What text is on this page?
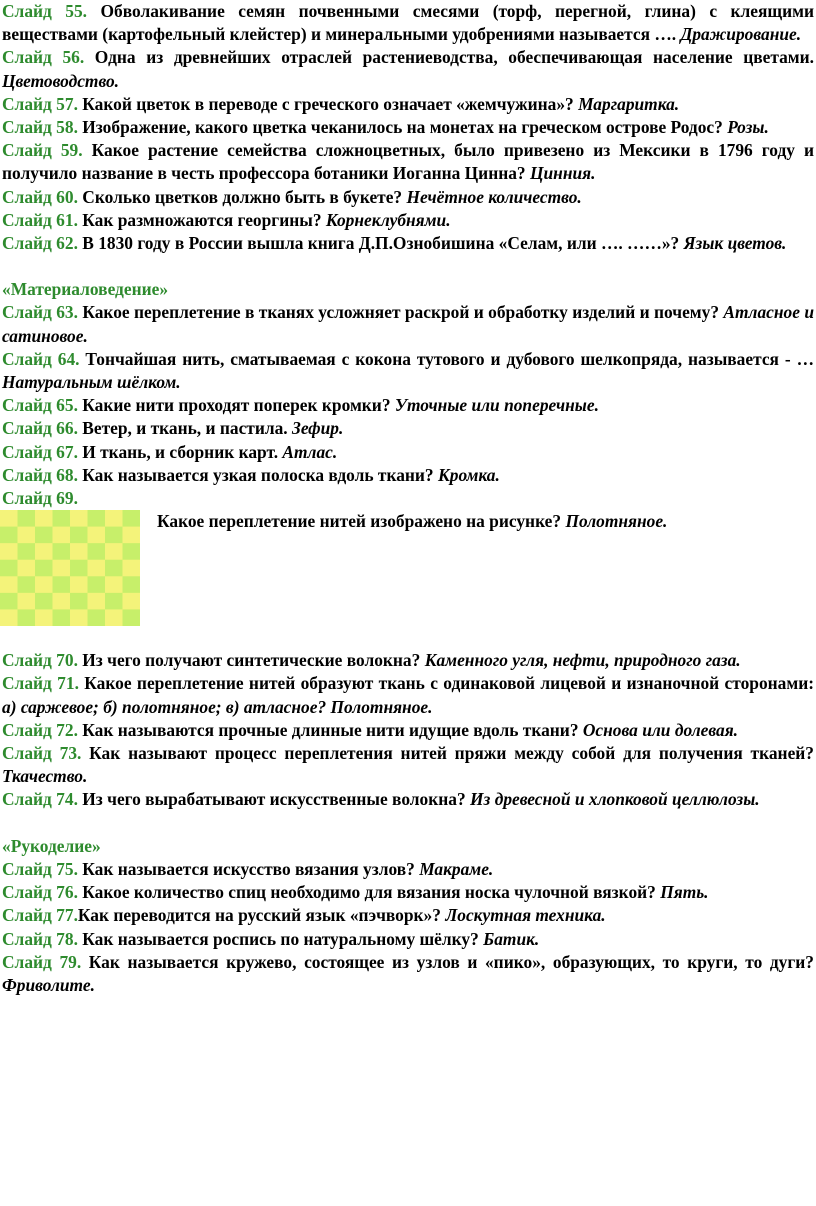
Слайд 55. Обволакивание семян почвенными смесями (торф, перегной, глина) с клеящими веществами (картофельный клейстер) и минеральными удобрениями называется …. Дражирование.

Слайд 56. Одна из древнейших отраслей растениеводства, обеспечивающая население цветами. Цветоводство.

Слайд 57. Какой цветок в переводе с греческого означает «жемчужина»? Маргаритка.

Слайд 58. Изображение, какого цветка чеканилось на монетах на греческом острове Родос? Розы.

Слайд 59. Какое растение семейства сложноцветных, было привезено из Мексики в 1796 году и получило название в честь профессора ботаники Иоганна Цинна? Цинния.

Слайд 60. Сколько цветков должно быть в букете? Нечётное количество.

Слайд 61. Как размножаются георгины? Корнеклубнями.

Слайд 62. В 1830 году в России вышла книга Д.П.Ознобишина «Селам, или …. ……»? Язык цветов.

«Материаловедение»

Слайд 63. Какое переплетение в тканях усложняет раскрой и обработку изделий и почему? Атласное и сатиновое.

Слайд 64. Тончайшая нить, сматываемая с кокона тутового и дубового шелкопряда, называется - … Натуральным шёлком.

Слайд 65. Какие нити проходят поперек кромки? Уточные или поперечные.

Слайд 66. Ветер, и ткань, и пастила. Зефир.

Слайд 67. И ткань, и сборник карт. Атлас.

Слайд 68. Как называется узкая полоска вдоль ткани? Кромка.

Слайд 69.

Какое переплетение нитей изображено на рисунке? Полотняное.

Слайд 70. Из чего получают синтетические волокна? Каменного угля, нефти, природного газа.

Слайд 71. Какое переплетение нитей образуют ткань с одинаковой лицевой и изнаночной сторонами: а) саржевое; б) полотняное; в) атласное? Полотняное.

Слайд 72. Как называются прочные длинные нити идущие вдоль ткани? Основа или долевая.

Слайд 73. Как называют процесс переплетения нитей пряжи между собой для получения тканей? Ткачество.

Слайд 74. Из чего вырабатывают искусственные волокна? Из древесной и хлопковой целлюлозы.

«Рукоделие»

Слайд 75. Как называется искусство вязания узлов? Макраме.

Слайд 76. Какое количество спиц необходимо для вязания носка чулочной вязкой? Пять.

Слайд 77.Как переводится на русский язык «пэчворк»? Лоскутная техника.

Слайд 78. Как называется роспись по натуральному шёлку? Батик.

Слайд 79. Как называется кружево, состоящее из узлов и «пико», образующих, то круги, то дуги? Фриволите.
